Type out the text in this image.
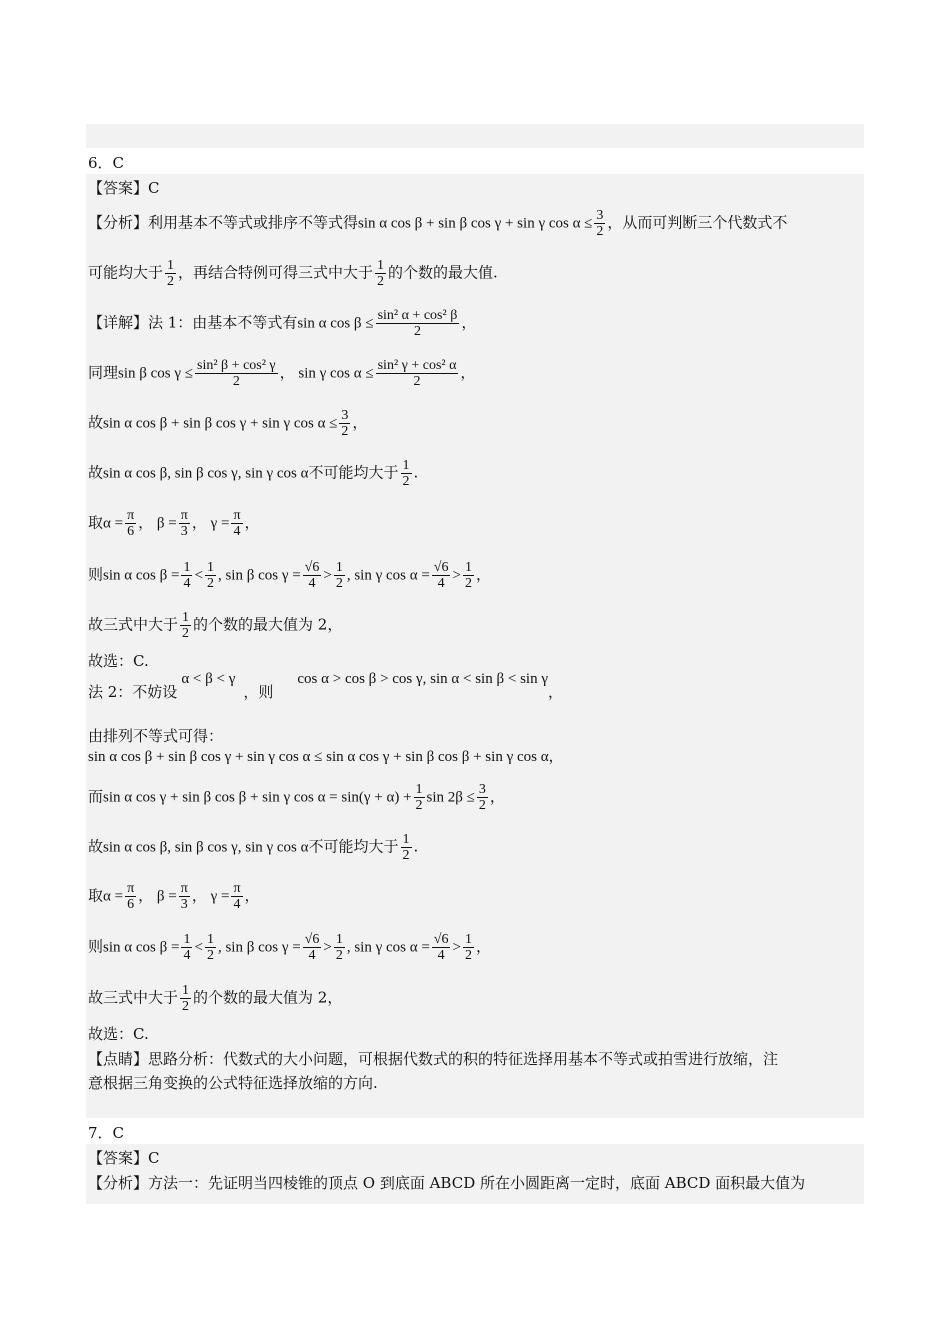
6．C
【答案】C
【分析】利用基本不等式或排序不等式得sin α cos β + sin β cos γ + sin γ $\cos \alpha \le \frac{3}{2}$ ，从而可判断三个代数式不
可能均大于 $\frac{1}{2}$ ，再结合特例可得三式中大于 $\frac{1}{2}$ 的个数的最大值.
【详解】法 1：由基本不等式有sin α $\cos \beta \le \frac{\text{sin² α + cos² β}}{2}$ ，
同理sin β $\cos \gamma \le \frac{\text{sin² β + cos² γ}}{2}$ ， sin γ $\cos \alpha \le \frac{\text{sin² γ + cos² α}}{2}$ ，
故sin α cos β + sin β cos γ + sin γ $\cos \alpha \le \frac{3}{2}$ ，
故sin α cos β, sin β cos γ, sin γ cos α不可能均大于 $\frac{1}{2}$ .
取$\alpha = \frac{\pi}{6}$ ， $\beta = \frac{\pi}{3}$ ， $\gamma = \frac{\pi}{4}$ ，
则sin α $\cos \beta = \frac{1}{4} < \frac{1}{2}$ , sin β $\cos \gamma = \frac{√6}{4} > \frac{1}{2}$ , sin γ $\cos \alpha = \frac{√6}{4} > \frac{1}{2}$ ，
故三式中大于 $\frac{1}{2}$ 的个数的最大值为 2，
故选：C.
法 2：不妨设α < β < γ，则cos α > cos β > cos γ, sin α < sin β < sin γ，
由排列不等式可得：
sin α cos β + sin β cos γ + sin γ cos α ≤ sin α cos γ + sin β cos β + sin γ cos α，
而sin α cos γ + sin β cos β + sin γ $\cos \alpha = \sin(\gamma + \alpha) + \frac{1}{2}$ $\sin 2\beta \le \frac{3}{2}$ ，
故sin α cos β, sin β cos γ, sin γ cos α不可能均大于 $\frac{1}{2}$ .
取$\alpha = \frac{\pi}{6}$ ， $\beta = \frac{\pi}{3}$ ， $\gamma = \frac{\pi}{4}$ ，
则sin α $\cos \beta = \frac{1}{4} < \frac{1}{2}$ , sin β $\cos \gamma = \frac{√6}{4} > \frac{1}{2}$ , sin γ $\cos \alpha = \frac{√6}{4} > \frac{1}{2}$ ，
故三式中大于 $\frac{1}{2}$ 的个数的最大值为 2，
故选：C.
【点睛】思路分析：代数式的大小问题，可根据代数式的积的特征选择用基本不等式或拍雪进行放缩，注
意根据三角变换的公式特征选择放缩的方向.
7．C
【答案】C
【分析】方法一：先证明当四棱锥的顶点 O 到底面 ABCD 所在小圆距离一定时，底面 ABCD 面积最大值为
